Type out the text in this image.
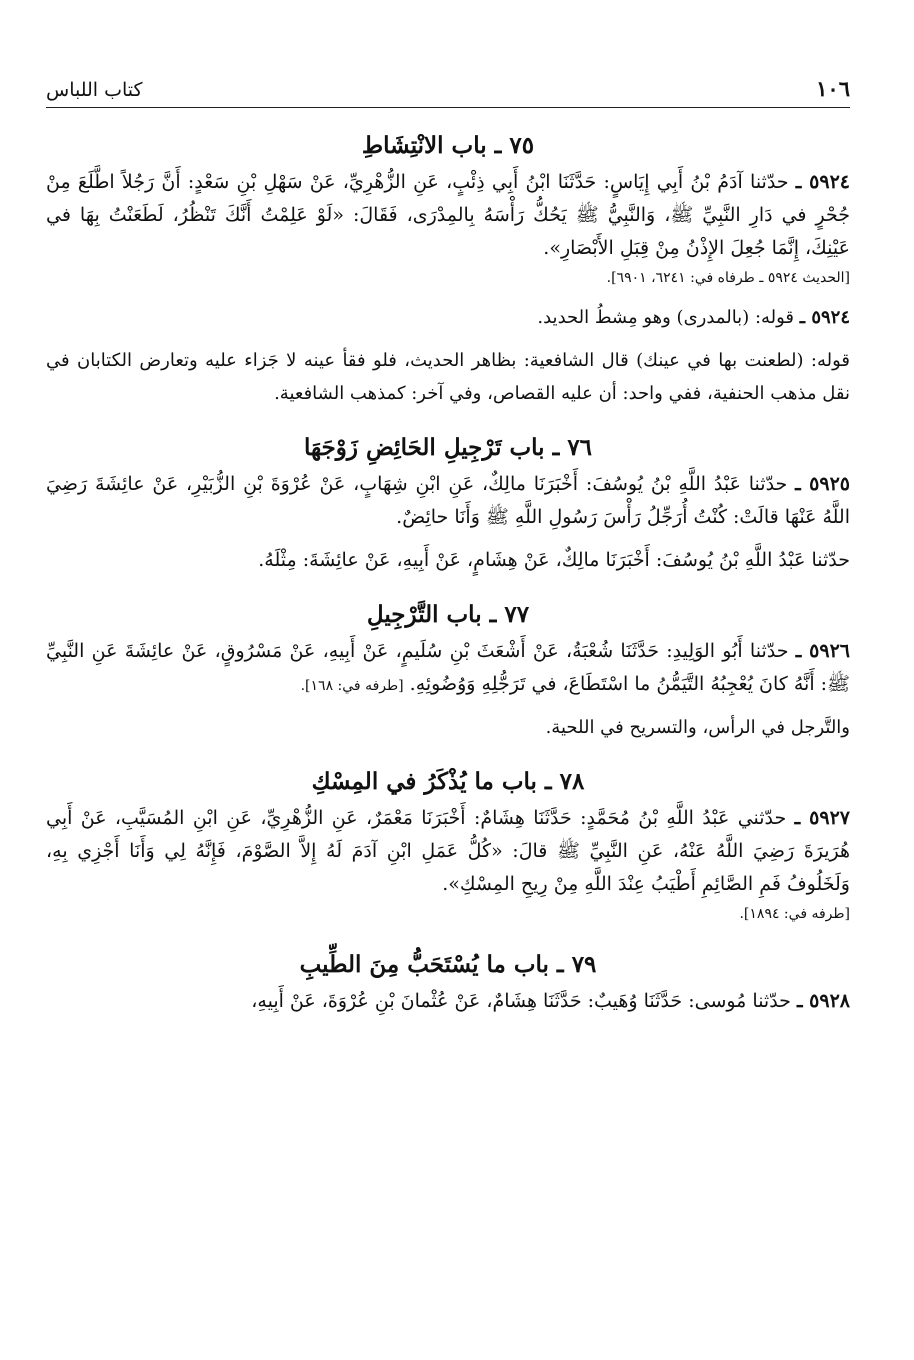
١٠٦
كتاب اللباس

٧٥ ـ باب الانْتِشَاطِ

٥٩٢٤ ـ حدّثنا آدَمُ بْنُ أَبِي إِيَاسٍ: حَدَّثَنَا ابْنُ أَبِي ذِئْبٍ، عَنِ الزُّهْرِيِّ، عَنْ سَهْلِ بْنِ سَعْدٍ: أَنَّ رَجُلاً اطَّلَعَ مِنْ جُحْرٍ في دَارِ النَّبِيِّ ﷺ، وَالنَّبِيُّ ﷺ يَحُكُّ رَأْسَهُ بِالمِدْرَى، فَقَالَ: «لَوْ عَلِمْتُ أَنَّكَ تَنْظُرُ، لَطَعَنْتُ بِهَا في عَيْنِكَ، إِنَّمَا جُعِلَ الإِذْنُ مِنْ قِبَلِ الأَبْصَارِ».

[الحديث ٥٩٢٤ ـ طرفاه في: ٦٢٤١، ٦٩٠١].

٥٩٢٤ ـ قوله: (بالمدرى) وهو مِشطُ الحديد.

قوله: (لطعنت بها في عينك) قال الشافعية: بظاهر الحديث، فلو فقأ عينه لا جَزاء عليه وتعارض الكتابان في نقل مذهب الحنفية، ففي واحد: أن عليه القصاص، وفي آخر: كمذهب الشافعية.

٧٦ ـ باب تَرْجِيلِ الحَائِضِ زَوْجَهَا

٥٩٢٥ ـ حدّثنا عَبْدُ اللَّهِ بْنُ يُوسُفَ: أَخْبَرَنَا مالِكٌ، عَنِ ابْنِ شِهَابٍ، عَنْ عُرْوَةَ بْنِ الزُّبَيْرِ، عَنْ عائِشَةَ رَضِيَ اللَّهُ عَنْهَا قالَتْ: كُنْتُ أُرَجِّلُ رَأْسَ رَسُولِ اللَّهِ ﷺ وَأَنَا حائِضٌ.

حدّثنا عَبْدُ اللَّهِ بْنُ يُوسُفَ: أَخْبَرَنَا مالِكٌ، عَنْ هِشَامٍ، عَنْ أَبِيهِ، عَنْ عائِشَةَ: مِثْلَهُ.

٧٧ ـ باب التَّرْجِيلِ

٥٩٢٦ ـ حدّثنا أَبُو الوَلِيدِ: حَدَّثَنَا شُعْبَةُ، عَنْ أَشْعَثَ بْنِ سُلَيمٍ، عَنْ أَبِيهِ، عَنْ مَسْرُوقٍ، عَنْ عائِشَةَ عَنِ النَّبِيِّ ﷺ: أَنَّهُ كانَ يُعْجِبُهُ التَّيَمُّنُ ما اسْتَطَاعَ، في تَرَجُّلِهِ وَوُضُوئِهِ. [طرفه في: ١٦٨].

والتَّرجل في الرأس، والتسريح في اللحية.

٧٨ ـ باب ما يُذْكَرُ في المِسْكِ

٥٩٢٧ ـ حدّثني عَبْدُ اللَّهِ بْنُ مُحَمَّدٍ: حَدَّثَنَا هِشَامٌ: أَخْبَرَنَا مَعْمَرٌ، عَنِ الزُّهْرِيِّ، عَنِ ابْنِ المُسَيَّبِ، عَنْ أَبِي هُرَيرَةَ رَضِيَ اللَّهُ عَنْهُ، عَنِ النَّبِيِّ ﷺ قالَ: «كُلُّ عَمَلِ ابْنِ آدَمَ لَهُ إِلاَّ الصَّوْمَ، فَإِنَّهُ لِي وَأَنَا أَجْزِي بِهِ، وَلَخَلُوفُ فَمِ الصَّائِمِ أَطْيَبُ عِنْدَ اللَّهِ مِنْ رِيحِ المِسْكِ».

[طرفه في: ١٨٩٤].

٧٩ ـ باب ما يُسْتَحَبُّ مِنَ الطِّيبِ

٥٩٢٨ ـ حدّثنا مُوسى: حَدَّثَنَا وُهَيبٌ: حَدَّثَنَا هِشَامٌ، عَنْ عُثْمانَ بْنِ عُرْوَةَ، عَنْ أَبِيهِ،
